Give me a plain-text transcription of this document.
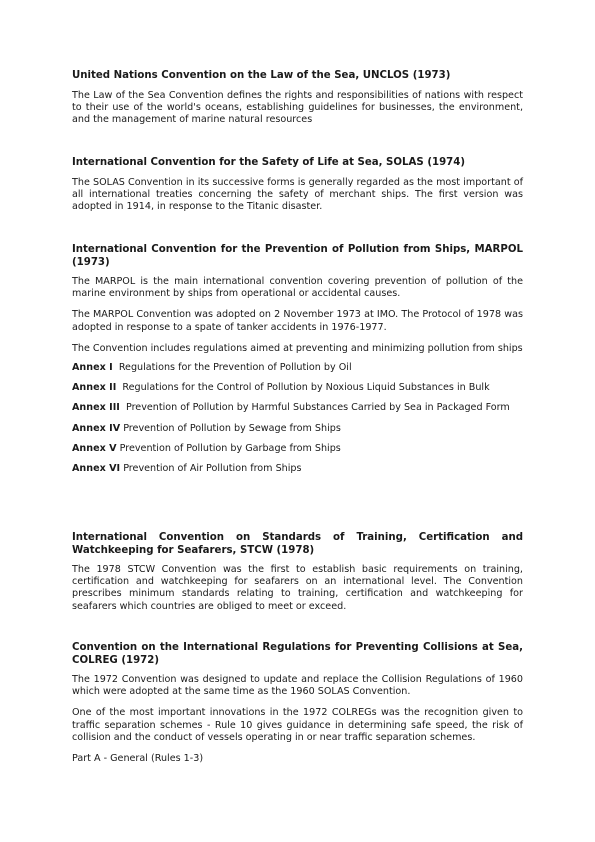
United Nations Convention on the Law of the Sea, UNCLOS (1973)

The Law of the Sea Convention defines the rights and responsibilities of nations with respect to their use of the world's oceans, establishing guidelines for businesses, the environment, and the management of marine natural resources

International Convention for the Safety of Life at Sea, SOLAS (1974)

The SOLAS Convention in its successive forms is generally regarded as the most important of all international treaties concerning the safety of merchant ships. The first version was adopted in 1914, in response to the Titanic disaster.

International Convention for the Prevention of Pollution from Ships, MARPOL (1973)

The MARPOL is the main international convention covering prevention of pollution of the marine environment by ships from operational or accidental causes.

The MARPOL Convention was adopted on 2 November 1973 at IMO. The Protocol of 1978 was adopted in response to a spate of tanker accidents in 1976-1977.

The Convention includes regulations aimed at preventing and minimizing pollution from ships

Annex I Regulations for the Prevention of Pollution by Oil

Annex II Regulations for the Control of Pollution by Noxious Liquid Substances in Bulk

Annex III Prevention of Pollution by Harmful Substances Carried by Sea in Packaged Form

Annex IV Prevention of Pollution by Sewage from Ships

Annex V Prevention of Pollution by Garbage from Ships

Annex VI Prevention of Air Pollution from Ships

International Convention on Standards of Training, Certification and Watchkeeping for Seafarers, STCW (1978)

The 1978 STCW Convention was the first to establish basic requirements on training, certification and watchkeeping for seafarers on an international level. The Convention prescribes minimum standards relating to training, certification and watchkeeping for seafarers which countries are obliged to meet or exceed.

Convention on the International Regulations for Preventing Collisions at Sea, COLREG (1972)

The 1972 Convention was designed to update and replace the Collision Regulations of 1960 which were adopted at the same time as the 1960 SOLAS Convention.

One of the most important innovations in the 1972 COLREGs was the recognition given to traffic separation schemes - Rule 10 gives guidance in determining safe speed, the risk of collision and the conduct of vessels operating in or near traffic separation schemes.

Part A - General (Rules 1-3)
